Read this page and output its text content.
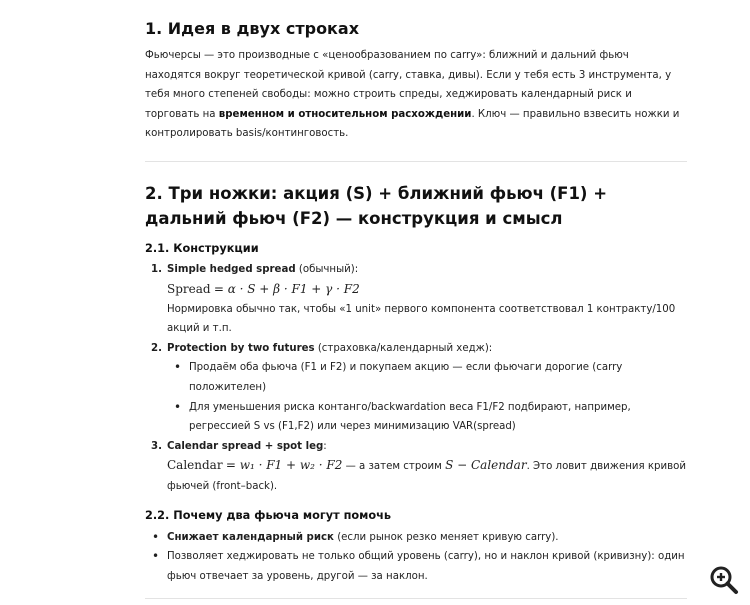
1. Идея в двух строках

Фьючерсы — это производные с «ценообразованием по carry»: ближний и дальний фьюч находятся вокруг теоретической кривой (carry, ставка, дивы). Если у тебя есть 3 инструмента, у тебя много степеней свободы: можно строить спреды, хеджировать календарный риск и торговать на временном и относительном расхождении. Ключ — правильно взвесить ножки и контролировать basis/континговость.

2. Три ножки: акция (S) + ближний фьюч (F1) + дальний фьюч (F2) — конструкция и смысл
2.1. Конструкции
1. Simple hedged spread (обычный):
Spread = α · S + β · F1 + γ · F2
Нормировка обычно так, чтобы «1 unit» первого компонента соответствовал 1 контракту/100 акций и т.п.
2. Protection by two futures (страховка/календарный хедж):
• Продаём оба фьюча (F1 и F2) и покупаем акцию — если фьючаги дорогие (carry положителен)
• Для уменьшения риска контанго/backwardation веса F1/F2 подбирают, например, регрессией S vs (F1,F2) или через минимизацию VAR(spread)
3. Calendar spread + spot leg:
Calendar = w₁ · F1 + w₂ · F2 — а затем строим S − Calendar. Это ловит движения кривой фьючей (front–back).
2.2. Почему два фьюча могут помочь
• Снижает календарный риск (если рынок резко меняет кривую carry).
• Позволяет хеджировать не только общий уровень (carry), но и наклон кривой (кривизну): один фьюч отвечает за уровень, другой — за наклон.
